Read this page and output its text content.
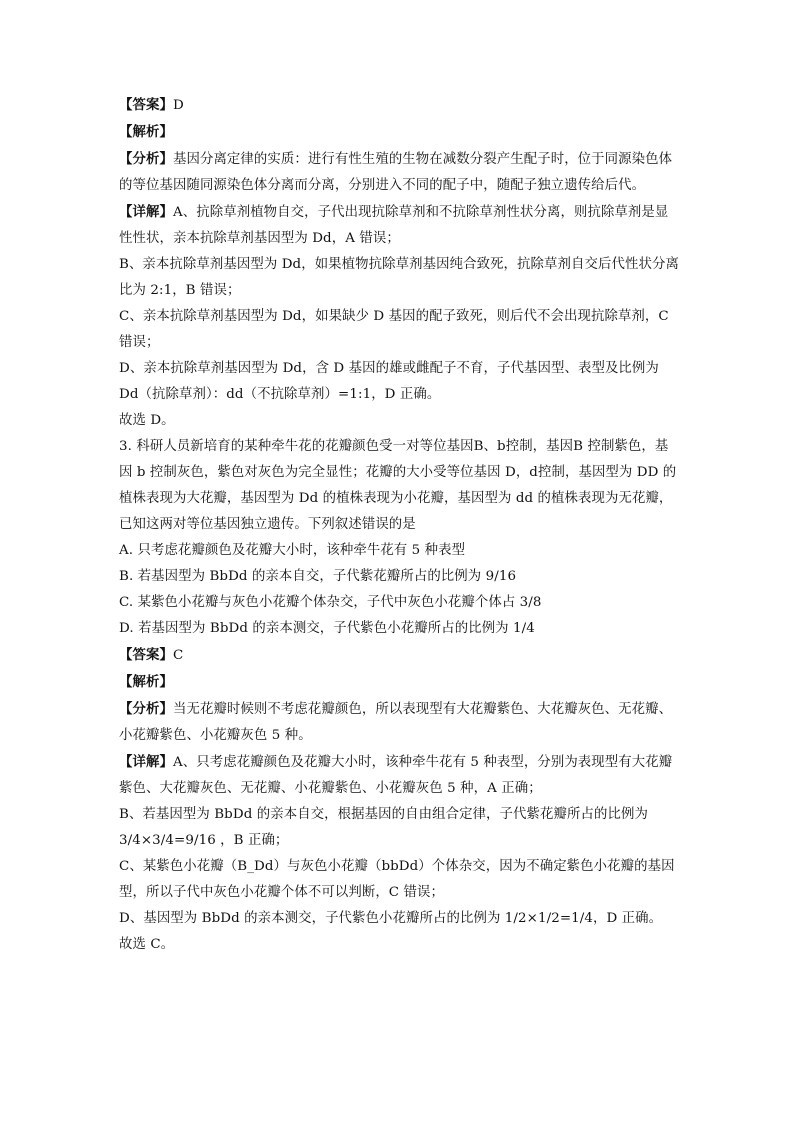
【答案】D

【解析】

【分析】基因分离定律的实质：进行有性生殖的生物在减数分裂产生配子时，位于同源染色体的等位基因随同源染色体分离而分离，分别进入不同的配子中，随配子独立遗传给后代。

【详解】A、抗除草剂植物自交，子代出现抗除草剂和不抗除草剂性状分离，则抗除草剂是显性性状，亲本抗除草剂基因型为 Dd，A 错误；

B、亲本抗除草剂基因型为 Dd，如果植物抗除草剂基因纯合致死，抗除草剂自交后代性状分离比为 2:1，B 错误；

C、亲本抗除草剂基因型为 Dd，如果缺少 D 基因的配子致死，则后代不会出现抗除草剂，C 错误；

D、亲本抗除草剂基因型为 Dd，含 D 基因的雄或雌配子不育，子代基因型、表型及比例为 Dd（抗除草剂）：dd（不抗除草剂）=1:1，D 正确。

故选 D。

3. 科研人员新培育的某种牵牛花的花瓣颜色受一对等位基因B、b控制，基因B 控制紫色，基因 b 控制灰色，紫色对灰色为完全显性；花瓣的大小受等位基因 D，d控制，基因型为 DD 的植株表现为大花瓣，基因型为 Dd 的植株表现为小花瓣，基因型为 dd 的植株表现为无花瓣，已知这两对等位基因独立遗传。下列叙述错误的是

A. 只考虑花瓣颜色及花瓣大小时，该种牵牛花有 5 种表型

B. 若基因型为 BbDd 的亲本自交，子代紫花瓣所占的比例为 9/16

C. 某紫色小花瓣与灰色小花瓣个体杂交，子代中灰色小花瓣个体占 3/8

D. 若基因型为 BbDd 的亲本测交，子代紫色小花瓣所占的比例为 1/4

【答案】C

【解析】

【分析】当无花瓣时候则不考虑花瓣颜色，所以表现型有大花瓣紫色、大花瓣灰色、无花瓣、小花瓣紫色、小花瓣灰色 5 种。

【详解】A、只考虑花瓣颜色及花瓣大小时，该种牵牛花有 5 种表型，分别为表现型有大花瓣紫色、大花瓣灰色、无花瓣、小花瓣紫色、小花瓣灰色 5 种，A 正确；

B、若基因型为 BbDd 的亲本自交，根据基因的自由组合定律，子代紫花瓣所占的比例为 3/4×3/4=9/16 ，B 正确；

C、某紫色小花瓣（B_Dd）与灰色小花瓣（bbDd）个体杂交，因为不确定紫色小花瓣的基因型，所以子代中灰色小花瓣个体不可以判断，C 错误；

D、基因型为 BbDd 的亲本测交，子代紫色小花瓣所占的比例为 1/2×1/2=1/4，D 正确。

故选 C。
